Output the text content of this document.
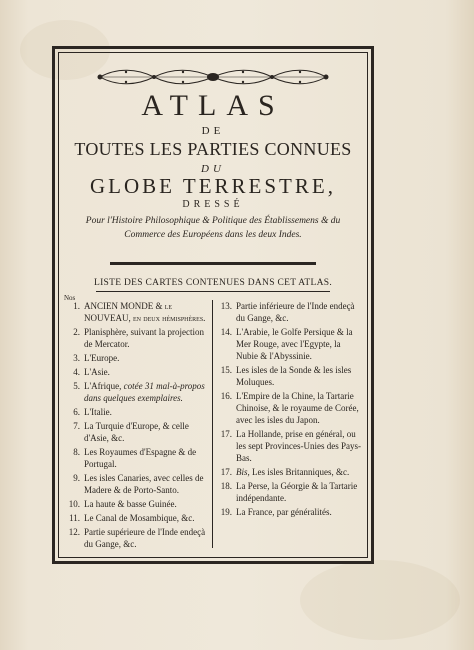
ATLAS
DE
TOUTES LES PARTIES CONNUES
DU
GLOBE TERRESTRE,
DRESSÉ
Pour l'Histoire Philosophique & Politique des Établissemens & du Commerce des Européens dans les deux Indes.
LISTE DES CARTES CONTENUES DANS CET ATLAS.
Nos
1. ANCIEN MONDE & le NOUVEAU, en deux hémisphères.
2. Planisphère, suivant la projection de Mercator.
3. L'Europe.
4. L'Asie.
5. L'Afrique, cotée 31 mal-à-propos dans quelques exemplaires.
6. L'Italie.
7. La Turquie d'Europe, & celle d'Asie, &c.
8. Les Royaumes d'Espagne & de Portugal.
9. Les isles Canaries, avec celles de Madere & de Porto-Santo.
10. La haute & basse Guinée.
11. Le Canal de Mosambique, &c.
12. Partie supérieure de l'Inde endeçà du Gange, &c.
13. Partie inférieure de l'Inde endeçà du Gange, &c.
14. L'Arabie, le Golfe Persique & la Mer Rouge, avec l'Egypte, la Nubie & l'Abyssinie.
15. Les isles de la Sonde & les isles Moluques.
16. L'Empire de la Chine, la Tartarie Chinoise, & le royaume de Corée, avec les isles du Japon.
17. La Hollande, prise en général, ou les sept Provinces-Unies des Pays-Bas.
17. Bis, Les isles Britanniques, &c.
18. La Perse, la Géorgie & la Tartarie indépendante.
19. La France, par généralités.
